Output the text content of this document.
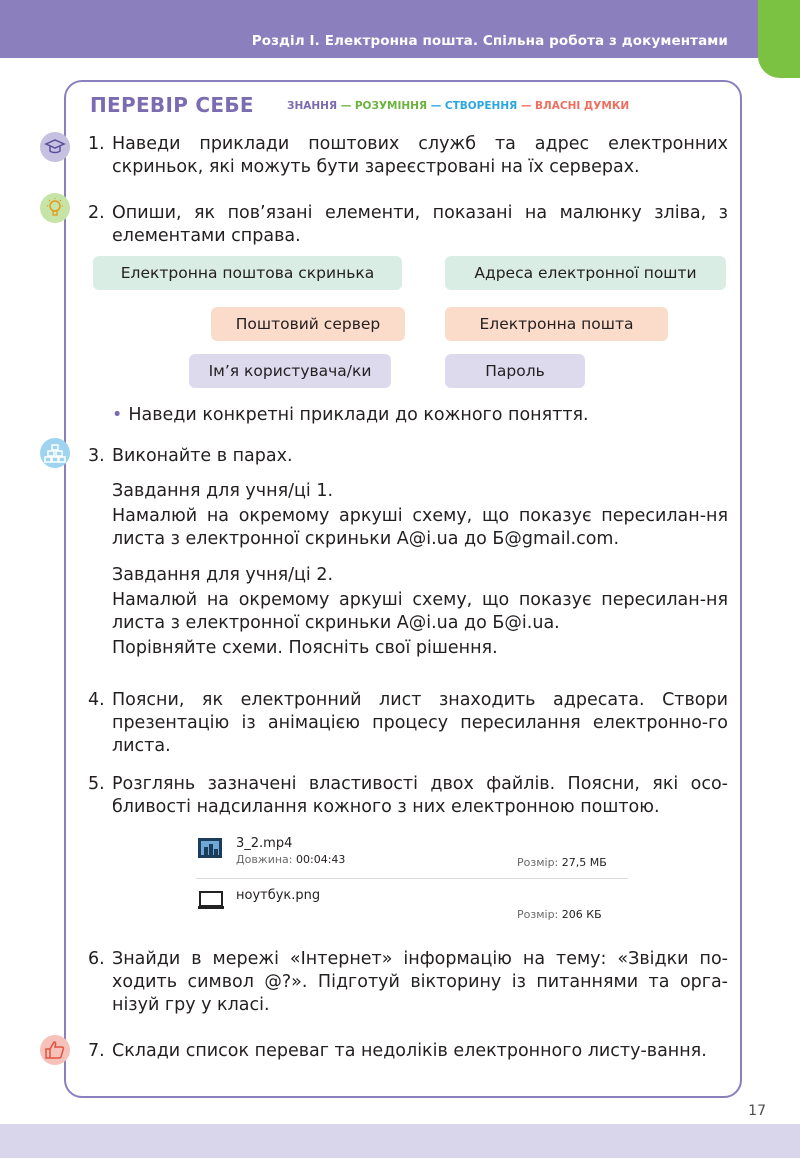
Розділ І. Електронна пошта. Спільна робота з документами
ПЕРЕВІР СЕБЕ	ЗНАННЯ — РОЗУМІННЯ — СТВОРЕННЯ — ВЛАСНІ ДУМКИ
1. Наведи приклади поштових служб та адрес електронних скриньок, які можуть бути зареєстровані на їх серверах.
2. Опиши, як пов’язані елементи, показані на малюнку зліва, з елементами справа.
Електронна поштова скринька
Поштовий сервер
Ім’я користувача/ки
Адреса електронної пошти
Електронна пошта
Пароль
• Наведи конкретні приклади до кожного поняття.
3. Виконайте в парах.
Завдання для учня/ці 1.
Намалюй на окремому аркуші схему, що показує пересилан-ня листа з електронної скриньки А@і.ua до Б@gmail.com.
Завдання для учня/ці 2.
Намалюй на окремому аркуші схему, що показує пересилан-ня листа з електронної скриньки А@і.ua до Б@і.ua.
Порівняйте схеми. Поясніть свої рішення.
4. Поясни, як електронний лист знаходить адресата. Створи презентацію із анімацією процесу пересилання електронно-го листа.
5. Розглянь зазначені властивості двох файлів. Поясни, які осо-бливості надсилання кожного з них електронною поштою.
3_2.mp4
Довжина: 00:04:43	Розмір: 27,5 МБ
ноутбук.png
Розмір: 206 КБ
6. Знайди в мережі «Інтернет» інформацію на тему: «Звідки по-ходить символ @?». Підготуй вікторину із питаннями та орга-нізуй гру у класі.
7. Склади список переваг та недоліків електронного листу-вання.
17
